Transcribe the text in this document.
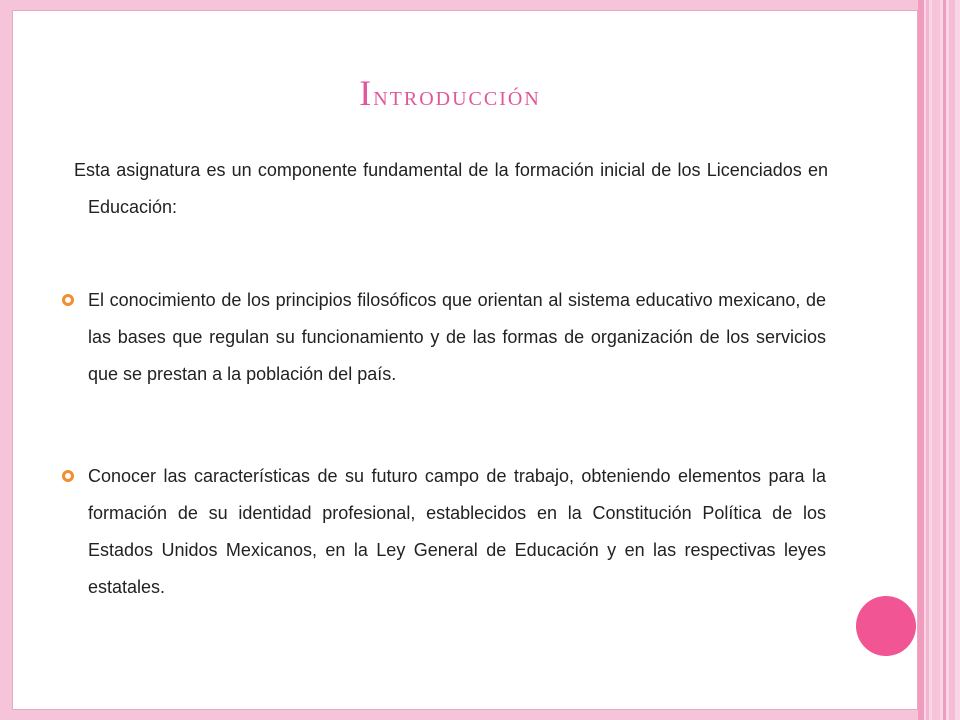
Introducción
Esta asignatura es un componente fundamental de la formación inicial de los Licenciados en Educación:
El conocimiento de los principios filosóficos que orientan al sistema educativo mexicano, de las bases que regulan su funcionamiento y de las formas de organización de los servicios que se prestan a la población del país.
Conocer las características de su futuro campo de trabajo, obteniendo elementos para la formación de su identidad profesional, establecidos en la Constitución Política de los Estados Unidos Mexicanos, en la Ley General de Educación y en las respectivas leyes estatales.
